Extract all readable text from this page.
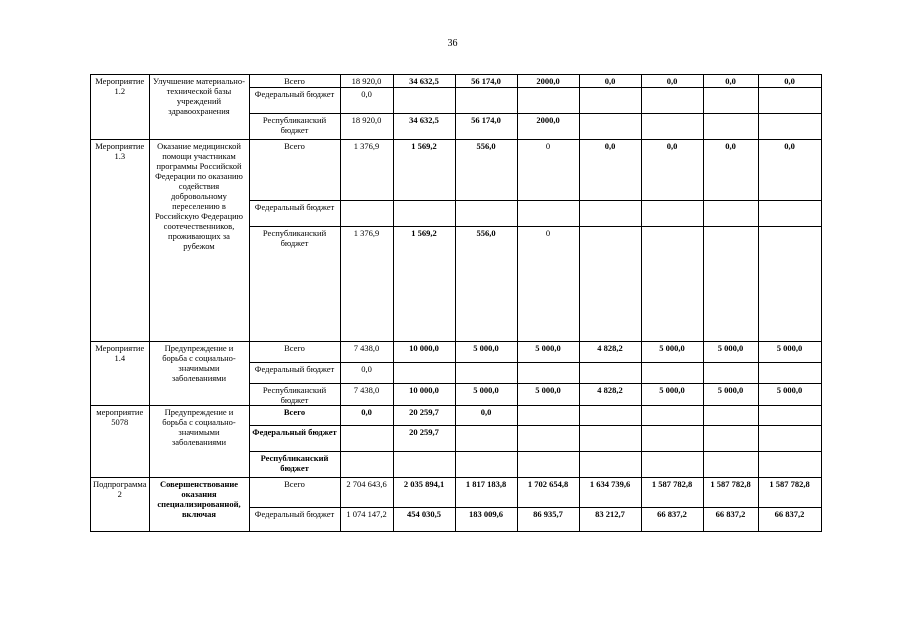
36
Мероприятие 1.2	Улучшение материально-технической базы учреждений здравоохранения	Всего	18 920,0	34 632,5	56 174,0	2000,0	0,0	0,0	0,0	0,0
		Федеральный бюджет	0,0							
		Республиканский бюджет	18 920,0	34 632,5	56 174,0	2000,0				
Мероприятие 1.3	Оказание медицинской помощи участникам программы Российской Федерации по оказанию содействия добровольному переселению в Российскую Федерацию соотечественников, проживающих за рубежом	Всего	1 376,9	1 569,2	556,0	0	0,0	0,0	0,0	0,0
		Федеральный бюджет								
		Республиканский бюджет	1 376,9	1 569,2	556,0	0				
Мероприятие 1.4	Предупреждение и борьба с социально-значимыми заболеваниями	Всего	7 438,0	10 000,0	5 000,0	5 000,0	4 828,2	5 000,0	5 000,0	5 000,0
		Федеральный бюджет	0,0							
		Республиканский бюджет	7 438,0	10 000,0	5 000,0	5 000,0	4 828,2	5 000,0	5 000,0	5 000,0
мероприятие 5078	Предупреждение и борьба с социально-значимыми заболеваниями	Всего	0,0	20 259,7	0,0					
		Федеральный бюджет		20 259,7						
		Республиканский бюджет								
Подпрограмма 2	Совершенствование оказания специализированной, включая	Всего	2 704 643,6	2 035 894,1	1 817 183,8	1 702 654,8	1 634 739,6	1 587 782,8	1 587 782,8	1 587 782,8
		Федеральный бюджет	1 074 147,2	454 030,5	183 009,6	86 935,7	83 212,7	66 837,2	66 837,2	66 837,2
